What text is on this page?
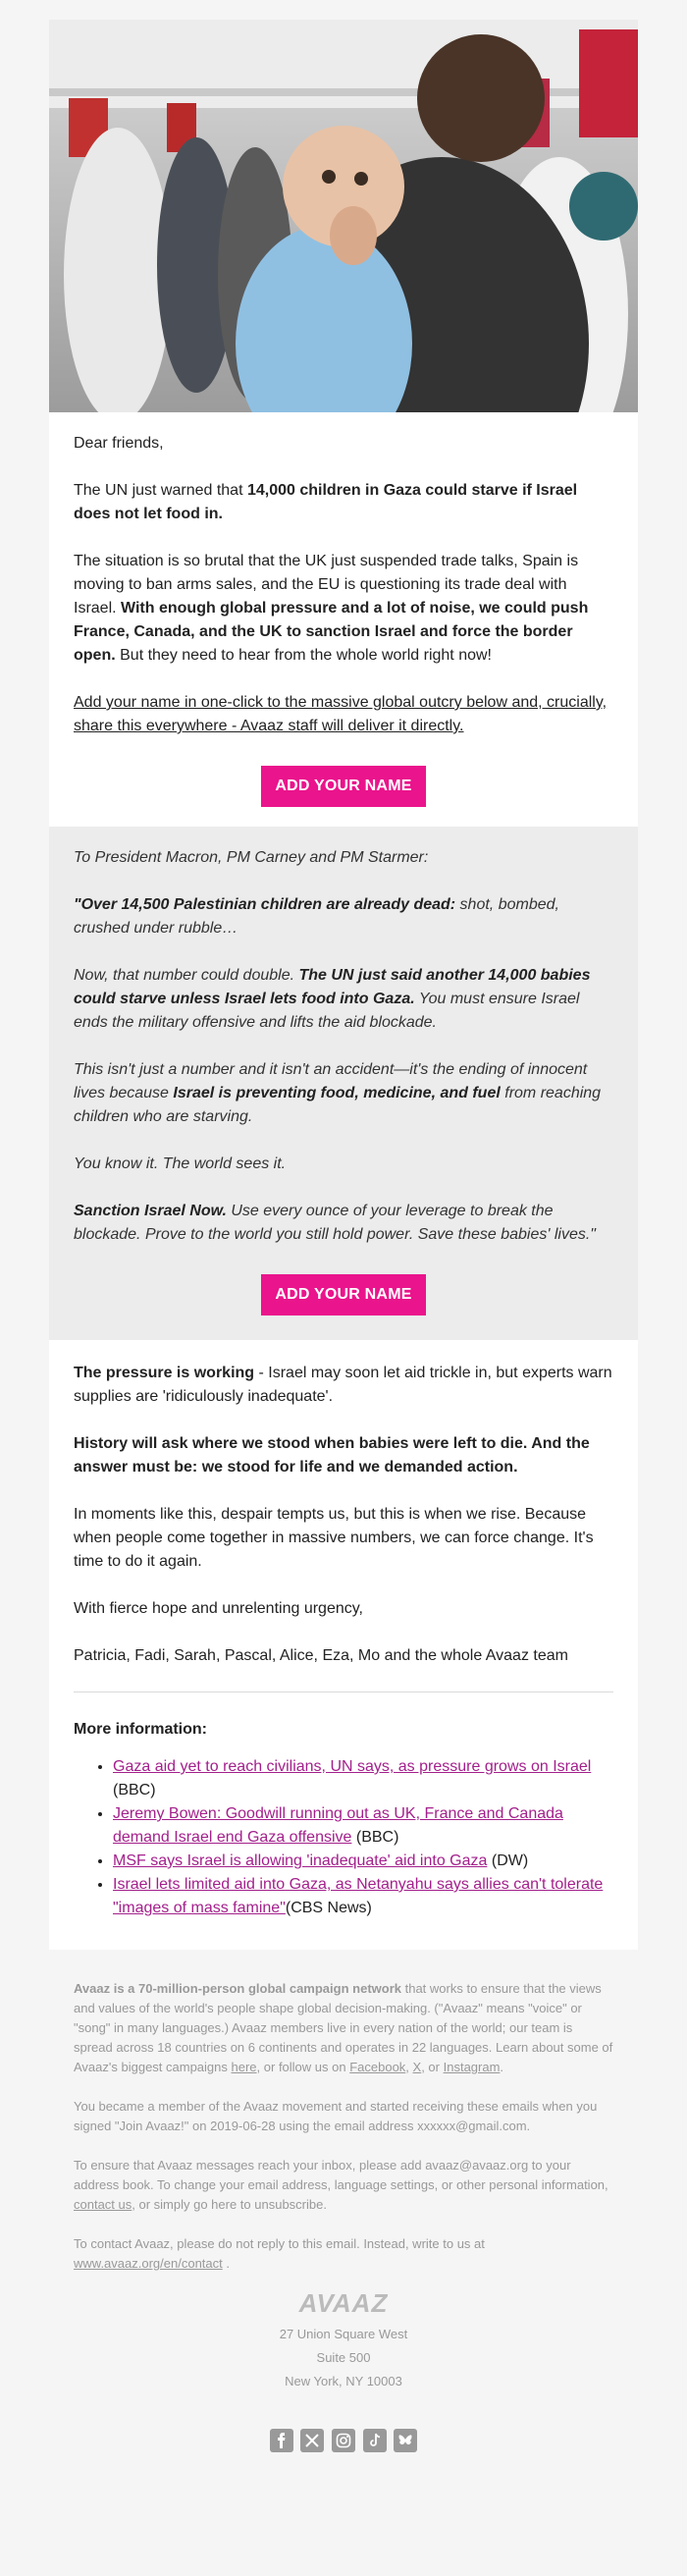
Dear friends,

The UN just warned that 14,000 children in Gaza could starve if Israel does not let food in.

The situation is so brutal that the UK just suspended trade talks, Spain is moving to ban arms sales, and the EU is questioning its trade deal with Israel. With enough global pressure and a lot of noise, we could push France, Canada, and the UK to sanction Israel and force the border open. But they need to hear from the whole world right now!

Add your name in one-click to the massive global outcry below and, crucially, share this everywhere - Avaaz staff will deliver it directly.

ADD YOUR NAME

To President Macron, PM Carney and PM Starmer:

"Over 14,500 Palestinian children are already dead: shot, bombed, crushed under rubble…

Now, that number could double. The UN just said another 14,000 babies could starve unless Israel lets food into Gaza. You must ensure Israel ends the military offensive and lifts the aid blockade.

This isn't just a number and it isn't an accident—it's the ending of innocent lives because Israel is preventing food, medicine, and fuel from reaching children who are starving.

You know it. The world sees it.

Sanction Israel Now. Use every ounce of your leverage to break the blockade. Prove to the world you still hold power. Save these babies' lives."

ADD YOUR NAME

The pressure is working - Israel may soon let aid trickle in, but experts warn supplies are 'ridiculously inadequate'.

History will ask where we stood when babies were left to die. And the answer must be: we stood for life and we demanded action.

In moments like this, despair tempts us, but this is when we rise. Because when people come together in massive numbers, we can force change. It's time to do it again.

With fierce hope and unrelenting urgency,

Patricia, Fadi, Sarah, Pascal, Alice, Eza, Mo and the whole Avaaz team

More information:

• Gaza aid yet to reach civilians, UN says, as pressure grows on Israel (BBC)
• Jeremy Bowen: Goodwill running out as UK, France and Canada demand Israel end Gaza offensive (BBC)
• MSF says Israel is allowing 'inadequate' aid into Gaza (DW)
• Israel lets limited aid into Gaza, as Netanyahu says allies can't tolerate "images of mass famine"(CBS News)

Avaaz is a 70-million-person global campaign network that works to ensure that the views and values of the world's people shape global decision-making. ("Avaaz" means "voice" or "song" in many languages.) Avaaz members live in every nation of the world; our team is spread across 18 countries on 6 continents and operates in 22 languages. Learn about some of Avaaz's biggest campaigns here, or follow us on Facebook, X, or Instagram.

You became a member of the Avaaz movement and started receiving these emails when you signed "Join Avaaz!" on 2019-06-28 using the email address xxxxxx@gmail.com.

To ensure that Avaaz messages reach your inbox, please add avaaz@avaaz.org to your address book. To change your email address, language settings, or other personal information, contact us, or simply go here to unsubscribe.

To contact Avaaz, please do not reply to this email. Instead, write to us at www.avaaz.org/en/contact .

AVAAZ
27 Union Square West
Suite 500
New York, NY 10003
